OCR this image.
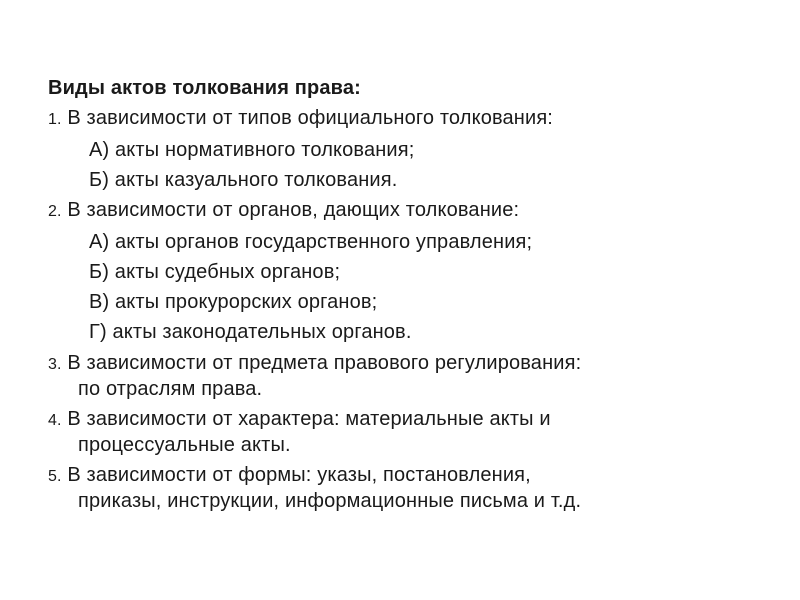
Виды актов толкования права:
1. В зависимости от типов официального толкования:
А) акты нормативного толкования;
Б) акты казуального толкования.
2. В зависимости от органов, дающих толкование:
А) акты органов государственного управления;
Б) акты судебных органов;
В) акты прокурорских органов;
Г) акты законодательных органов.
3. В зависимости от предмета правового регулирования:
по отраслям права.
4. В зависимости от характера: материальные акты и
процессуальные акты.
5. В зависимости от формы: указы, постановления,
приказы, инструкции, информационные письма и т.д.
